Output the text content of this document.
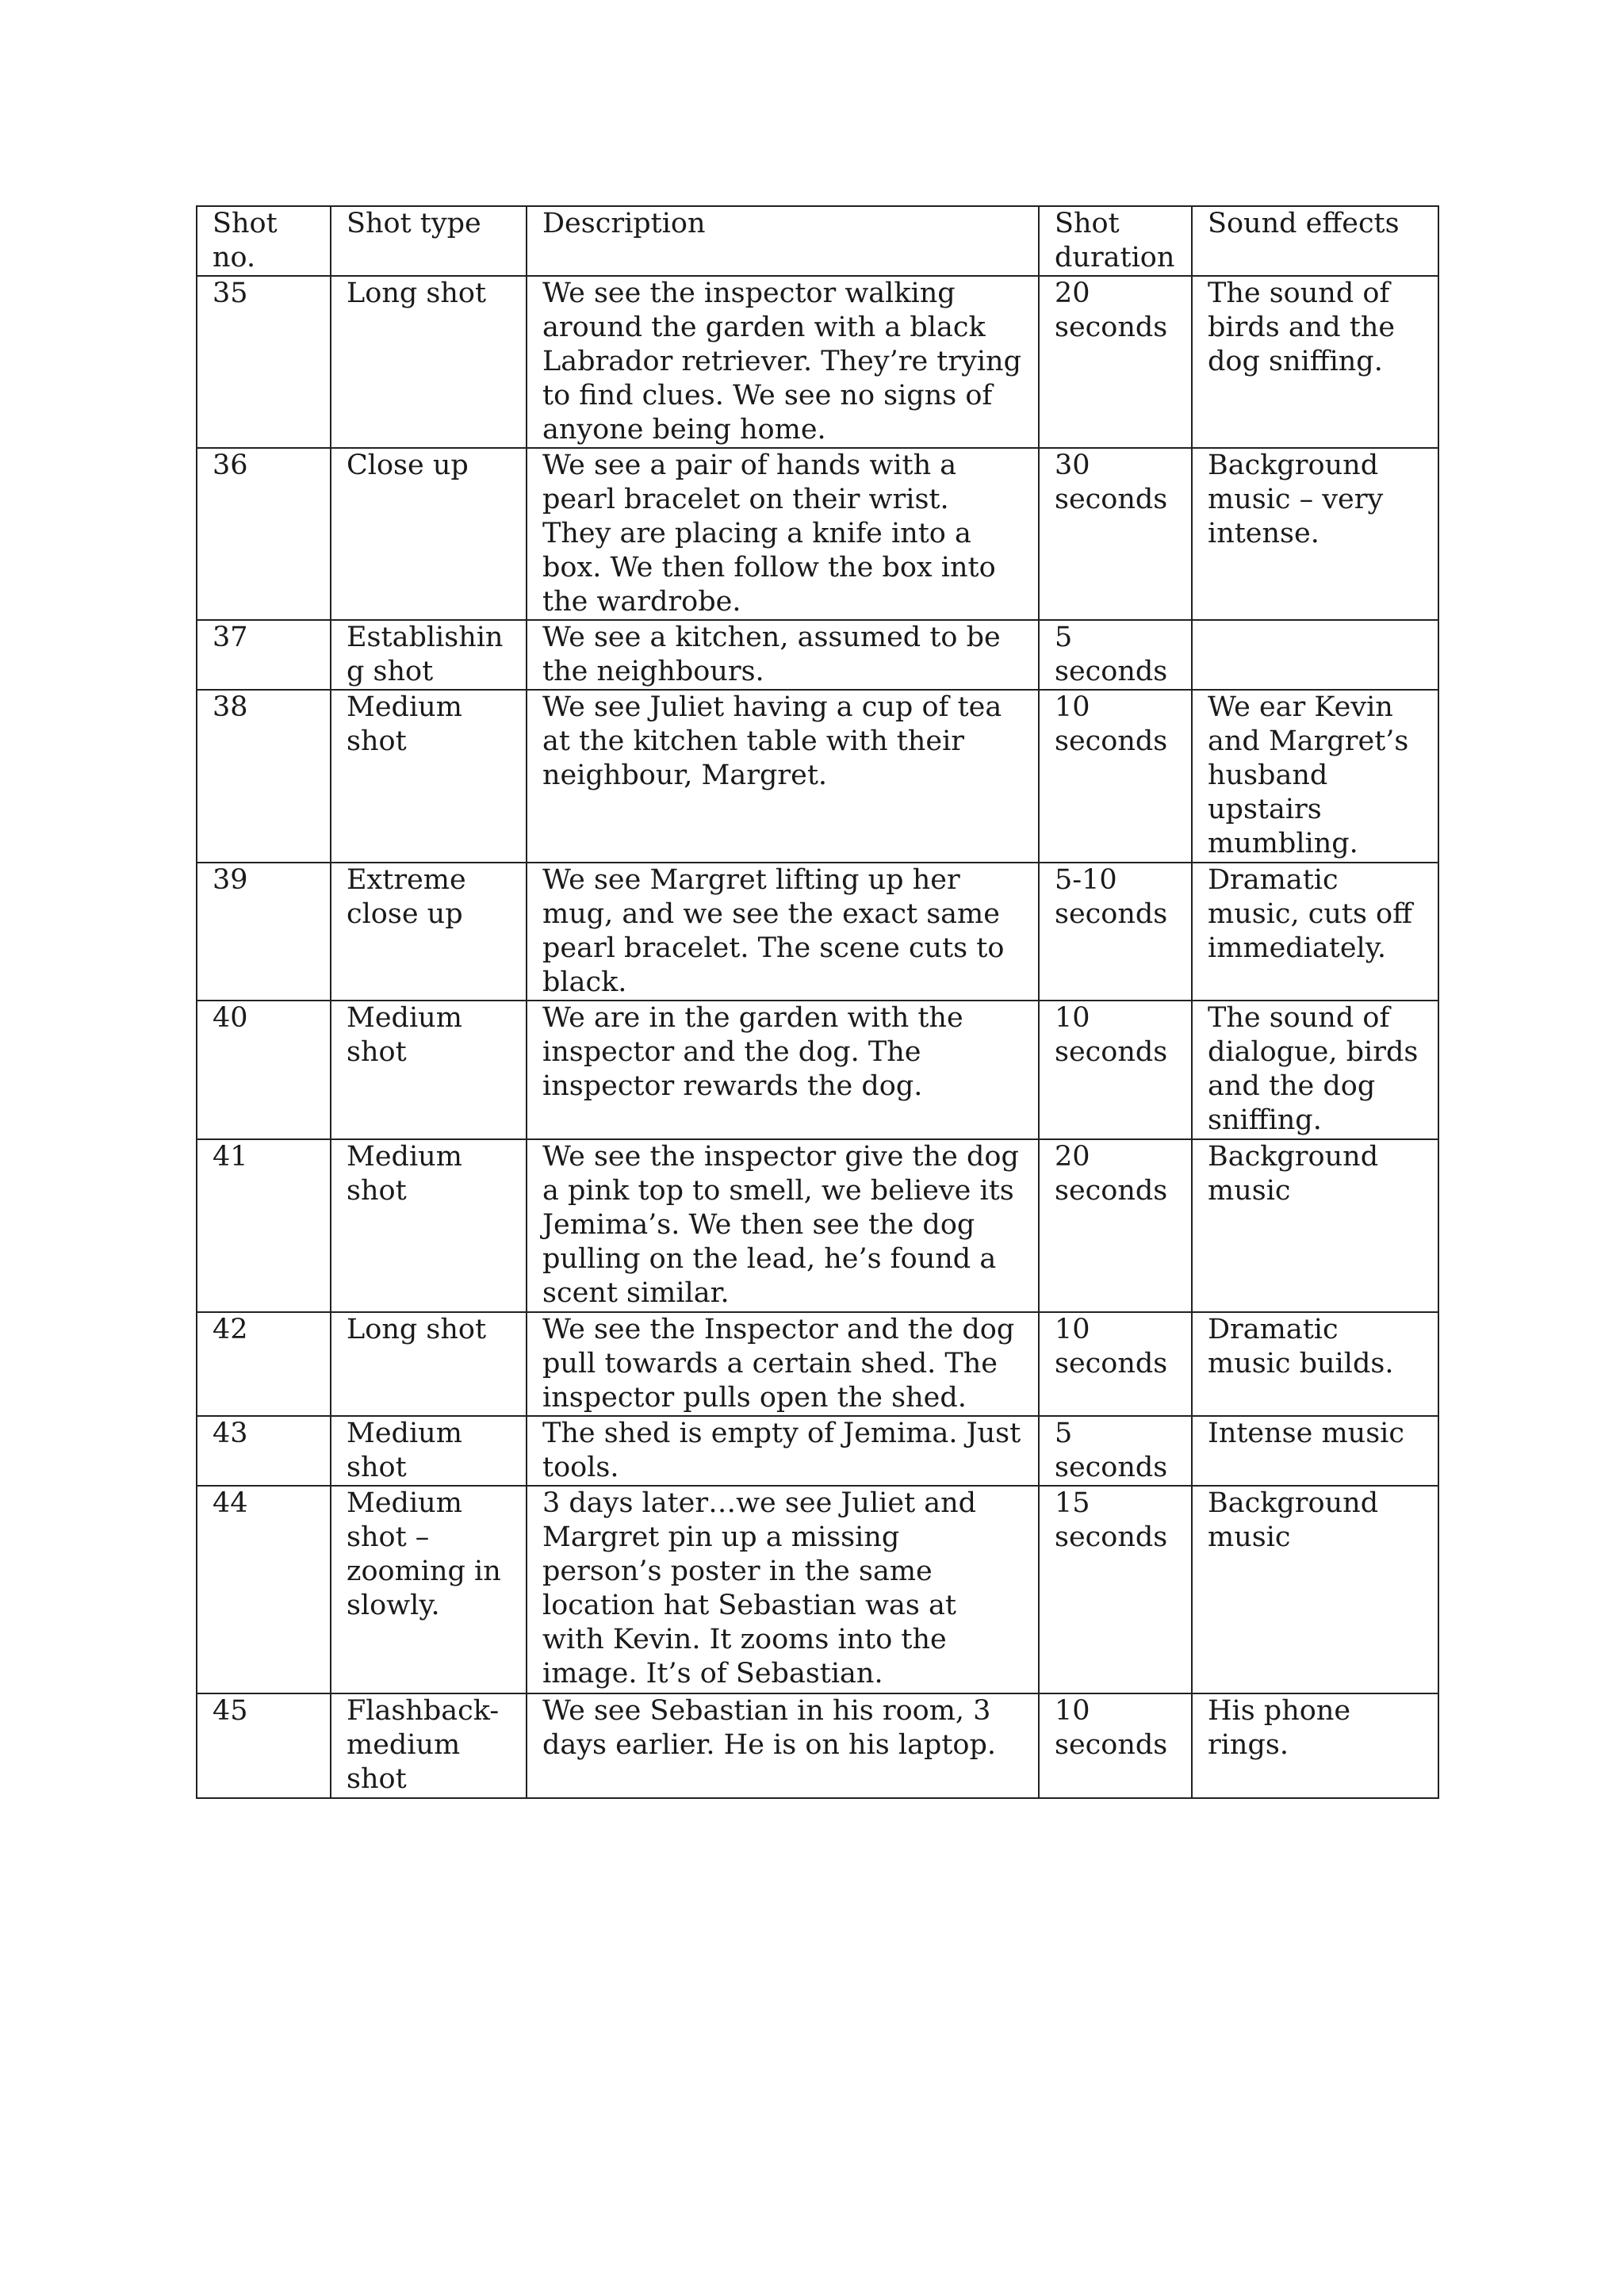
Shot no.	Shot type	Description	Shot duration	Sound effects
35	Long shot	We see the inspector walking around the garden with a black Labrador retriever. They’re trying to find clues. We see no signs of anyone being home.	20 seconds	The sound of birds and the dog sniffing.
36	Close up	We see a pair of hands with a pearl bracelet on their wrist. They are placing a knife into a box. We then follow the box into the wardrobe.	30 seconds	Background music – very intense.
37	Establishing shot	We see a kitchen, assumed to be the neighbours.	5 seconds	
38	Medium shot	We see Juliet having a cup of tea at the kitchen table with their neighbour, Margret.	10 seconds	We ear Kevin and Margret’s husband upstairs mumbling.
39	Extreme close up	We see Margret lifting up her mug, and we see the exact same pearl bracelet. The scene cuts to black.	5-10 seconds	Dramatic music, cuts off immediately.
40	Medium shot	We are in the garden with the inspector and the dog. The inspector rewards the dog.	10 seconds	The sound of dialogue, birds and the dog sniffing.
41	Medium shot	We see the inspector give the dog a pink top to smell, we believe its Jemima’s. We then see the dog pulling on the lead, he’s found a scent similar.	20 seconds	Background music
42	Long shot	We see the Inspector and the dog pull towards a certain shed. The inspector pulls open the shed.	10 seconds	Dramatic music builds.
43	Medium shot	The shed is empty of Jemima. Just tools.	5 seconds	Intense music
44	Medium shot – zooming in slowly.	3 days later…we see Juliet and Margret pin up a missing person’s poster in the same location hat Sebastian was at with Kevin. It zooms into the image. It’s of Sebastian.	15 seconds	Background music
45	Flashback- medium shot	We see Sebastian in his room, 3 days earlier. He is on his laptop.	10 seconds	His phone rings.
